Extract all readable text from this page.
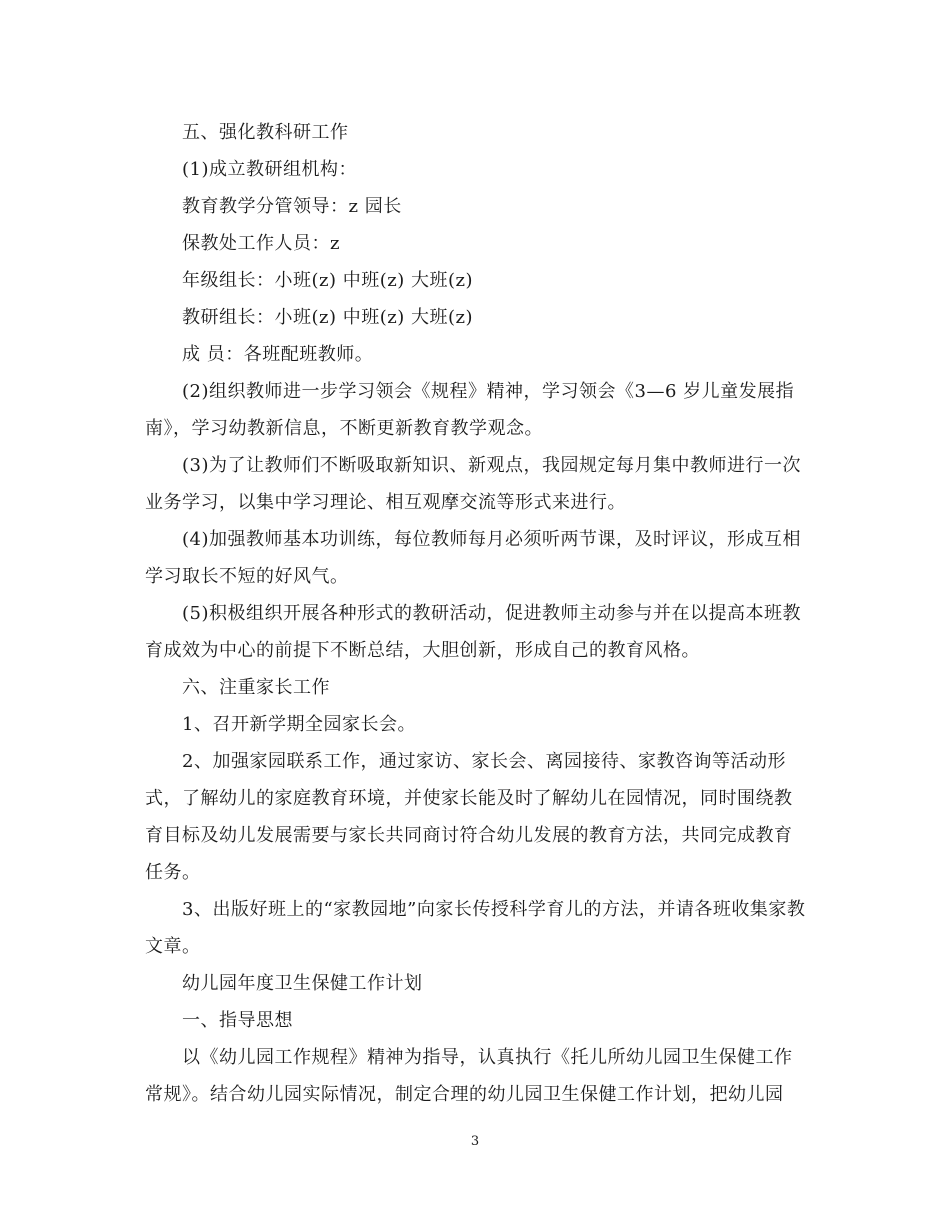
五、强化教科研工作
(1)成立教研组机构：
教育教学分管领导：z 园长
保教处工作人员：z
年级组长：小班(z) 中班(z) 大班(z)
教研组长：小班(z) 中班(z) 大班(z)
成 员：各班配班教师。
(2)组织教师进一步学习领会《规程》精神，学习领会《3—6 岁儿童发展指
南》，学习幼教新信息，不断更新教育教学观念。
(3)为了让教师们不断吸取新知识、新观点，我园规定每月集中教师进行一次
业务学习，以集中学习理论、相互观摩交流等形式来进行。
(4)加强教师基本功训练，每位教师每月必须听两节课，及时评议，形成互相
学习取长不短的好风气。
(5)积极组织开展各种形式的教研活动，促进教师主动参与并在以提高本班教
育成效为中心的前提下不断总结，大胆创新，形成自己的教育风格。
六、注重家长工作
1、召开新学期全园家长会。
2、加强家园联系工作，通过家访、家长会、离园接待、家教咨询等活动形
式，了解幼儿的家庭教育环境，并使家长能及时了解幼儿在园情况，同时围绕教
育目标及幼儿发展需要与家长共同商讨符合幼儿发展的教育方法，共同完成教育
任务。
3、出版好班上的“家教园地”向家长传授科学育儿的方法，并请各班收集家教
文章。
幼儿园年度卫生保健工作计划
一、指导思想
以《幼儿园工作规程》精神为指导，认真执行《托儿所幼儿园卫生保健工作
常规》。结合幼儿园实际情况，制定合理的幼儿园卫生保健工作计划，把幼儿园
3
